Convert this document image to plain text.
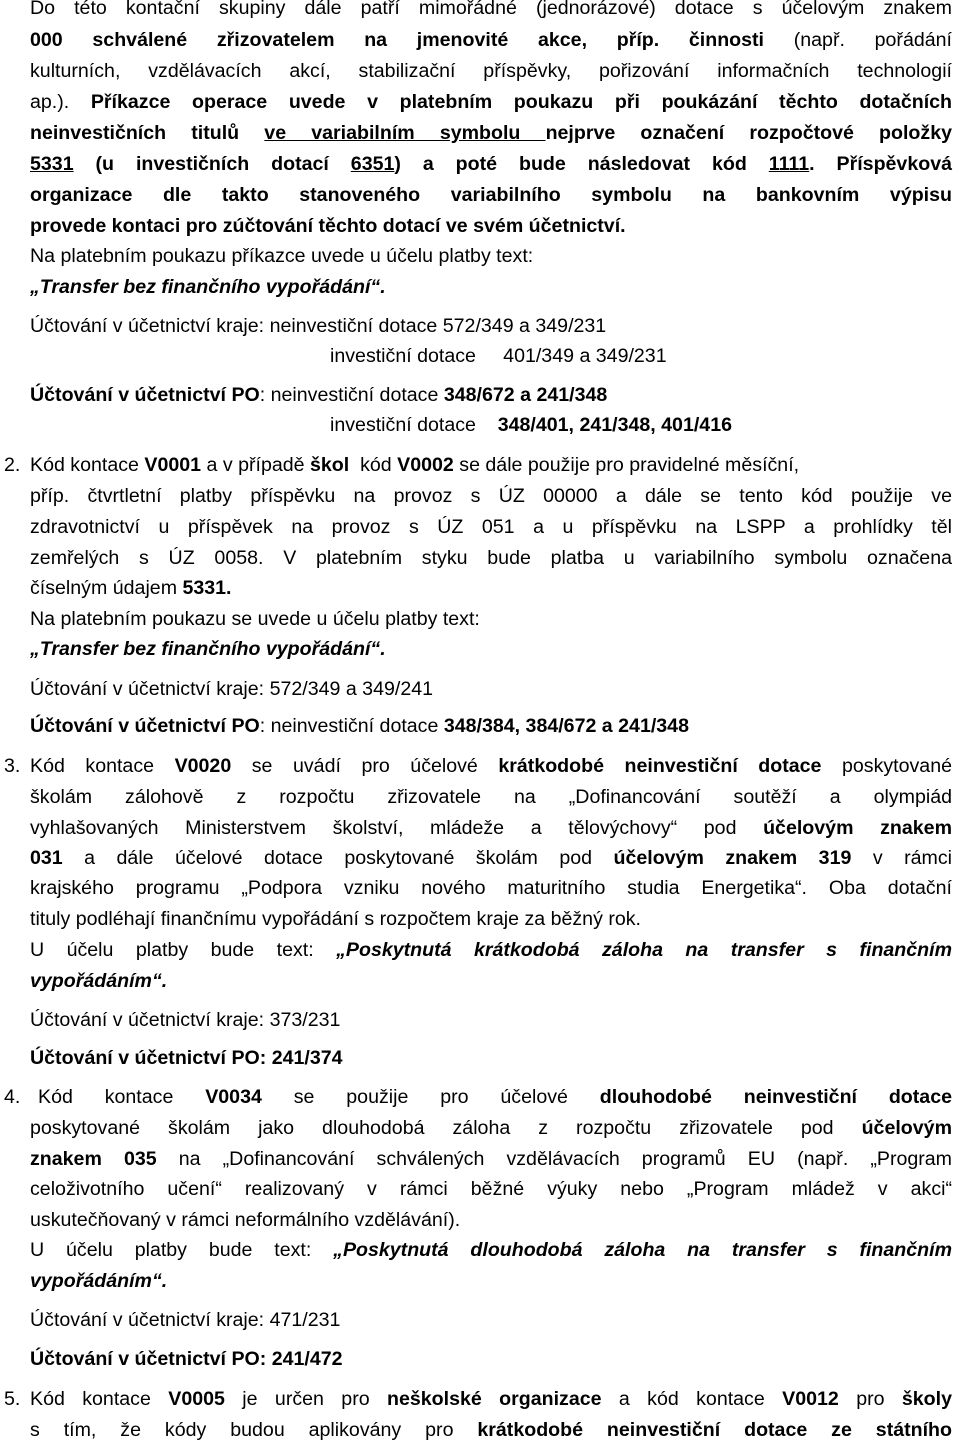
Do této kontační skupiny dále patří mimořádné (jednorázové) dotace s účelovým znakem
000 schválené zřizovatelem na jmenovité akce, příp. činnosti (např. pořádání
kulturních, vzdělávacích akcí, stabilizační příspěvky, pořizování informačních technologií
ap.). Příkazce operace uvede v platebním poukazu při poukázání těchto dotačních
neinvestičních titulů ve variabilním symbolu nejprve označení rozpočtové položky
5331 (u investičních dotací 6351) a poté bude následovat kód 1111. Příspěvková
organizace dle takto stanoveného variabilního symbolu na bankovním výpisu
provede kontaci pro zúčtování těchto dotací ve svém účetnictví.
Na platebním poukazu příkazce uvede u účelu platby text:
„Transfer bez finančního vypořádání“.
Účtování v účetnictví kraje: neinvestiční dotace 572/349 a 349/231
investiční dotace     401/349 a 349/231
Účtování v účetnictví PO: neinvestiční dotace 348/672 a 241/348
investiční dotace    348/401, 241/348, 401/416
2. Kód kontace V0001 a v případě škol  kód V0002 se dále použije pro pravidelné měsíční,
příp. čtvrtletní platby příspěvku na provoz s ÚZ 00000 a dále se tento kód použije ve
zdravotnictví u příspěvek na provoz s ÚZ 051 a u příspěvku na LSPP a prohlídky těl
zemřelých s ÚZ 0058. V platebním styku bude platba u variabilního symbolu označena
číselným údajem 5331.
Na platebním poukazu se uvede u účelu platby text:
„Transfer bez finančního vypořádání“.
Účtování v účetnictví kraje: 572/349 a 349/241
Účtování v účetnictví PO: neinvestiční dotace 348/384, 384/672 a 241/348
3. Kód kontace V0020 se uvádí pro účelové krátkodobé neinvestiční dotace poskytované
školám zálohově z rozpočtu zřizovatele na „Dofinancování soutěží a olympiád
vyhlašovaných Ministerstvem školství, mládeže a tělovýchovy“ pod účelovým znakem
031 a dále účelové dotace poskytované školám pod účelovým znakem 319 v rámci
krajského programu „Podpora vzniku nového maturitního studia Energetika“. Oba dotační
tituly podléhají finančnímu vypořádání s rozpočtem kraje za běžný rok.
U účelu platby bude text: „Poskytnutá krátkodobá záloha na transfer s finančním
vypořádáním“.
Účtování v účetnictví kraje: 373/231
Účtování v účetnictví PO: 241/374
4. Kód kontace V0034 se použije pro účelové dlouhodobé neinvestiční dotace
poskytované školám jako dlouhodobá záloha z rozpočtu zřizovatele pod účelovým
znakem 035 na „Dofinancování schválených vzdělávacích programů EU (např. „Program
celoživotního učení“ realizovaný v rámci běžné výuky nebo „Program mládež v akci“
uskutečňovaný v rámci neformálního vzdělávání).
U účelu platby bude text: „Poskytnutá dlouhodobá záloha na transfer s finančním
vypořádáním“.
Účtování v účetnictví kraje: 471/231
Účtování v účetnictví PO: 241/472
5. Kód kontace V0005 je určen pro neškolské organizace a kód kontace V0012 pro školy
s tím, že kódy budou aplikovány pro krátkodobé neinvestiční dotace ze státního
